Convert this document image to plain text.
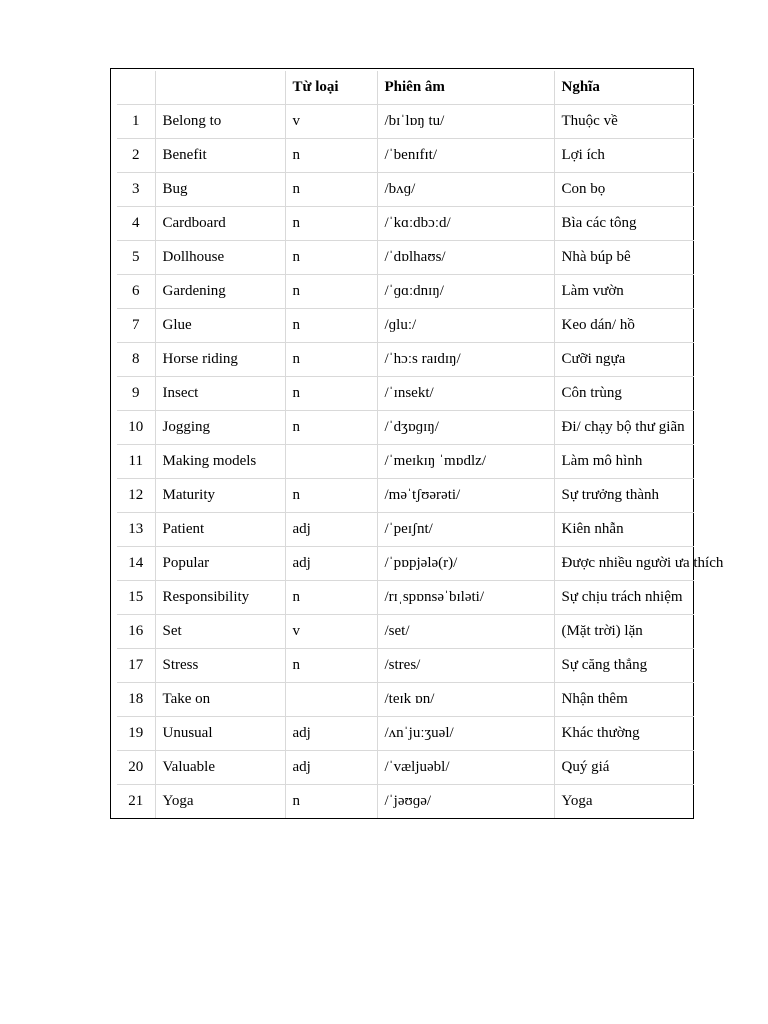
		Từ loại	Phiên âm	Nghĩa
1	Belong to	v	/bɪˈlɒŋ tu/	Thuộc về
2	Benefit	n	/ˈbenɪfɪt/	Lợi ích
3	Bug	n	/bʌɡ/	Con bọ
4	Cardboard	n	/ˈkɑːdbɔːd/	Bìa các tông
5	Dollhouse	n	/ˈdɒlhaʊs/	Nhà búp bê
6	Gardening	n	/ˈɡɑːdnɪŋ/	Làm vườn
7	Glue	n	/ɡluː/	Keo dán/ hồ
8	Horse riding	n	/ˈhɔːs raɪdɪŋ/	Cưỡi ngựa
9	Insect	n	/ˈɪnsekt/	Côn trùng
10	Jogging	n	/ˈdʒɒɡɪŋ/	Đi/ chạy bộ thư giãn
11	Making models		/ˈmeɪkɪŋ ˈmɒdlz/	Làm mô hình
12	Maturity	n	/məˈtʃʊərəti/	Sự trưởng thành
13	Patient	adj	/ˈpeɪʃnt/	Kiên nhẫn
14	Popular	adj	/ˈpɒpjələ(r)/	Được nhiều người ưa thích
15	Responsibility	n	/rɪˌspɒnsəˈbɪləti/	Sự chịu trách nhiệm
16	Set	v	/set/	(Mặt trời) lặn
17	Stress	n	/stres/	Sự căng thẳng
18	Take on		/teɪk ɒn/	Nhận thêm
19	Unusual	adj	/ʌnˈjuːʒuəl/	Khác thường
20	Valuable	adj	/ˈvæljuəbl/	Quý giá
21	Yoga	n	/ˈjəʊɡə/	Yoga
